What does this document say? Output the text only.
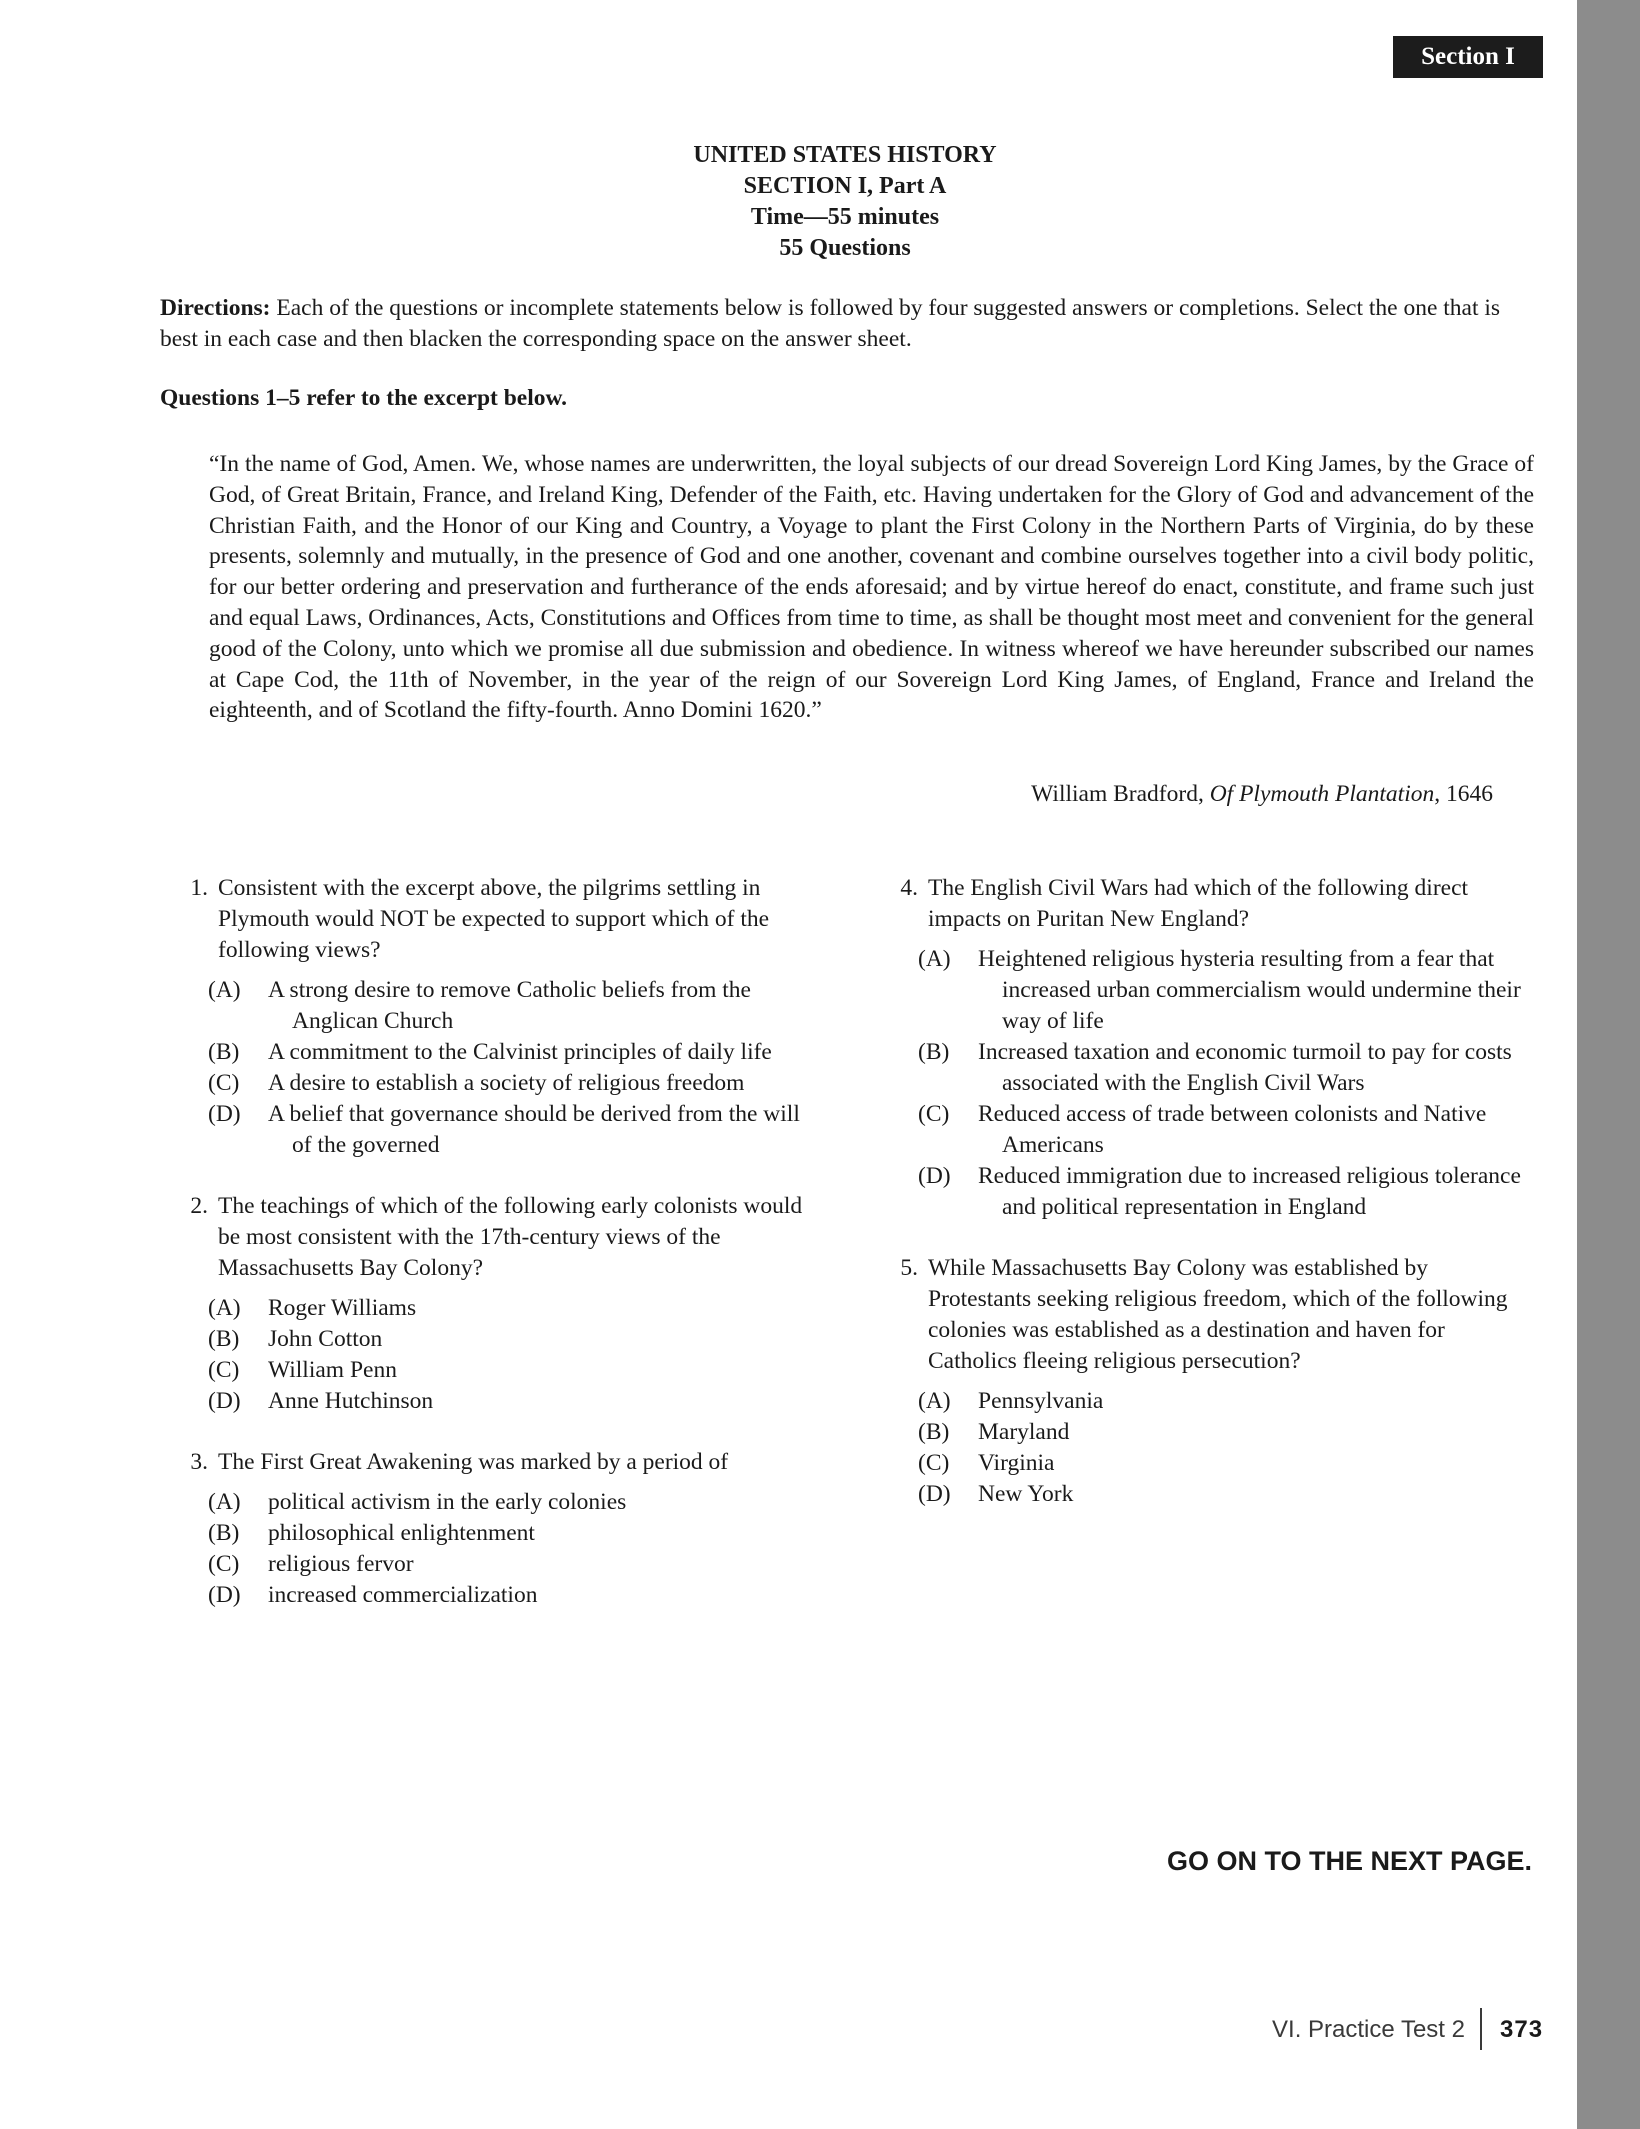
Section I
UNITED STATES HISTORY
SECTION I, Part A
Time—55 minutes
55 Questions
Directions: Each of the questions or incomplete statements below is followed by four suggested answers or completions. Select the one that is best in each case and then blacken the corresponding space on the answer sheet.
Questions 1–5 refer to the excerpt below.
“In the name of God, Amen. We, whose names are underwritten, the loyal subjects of our dread Sovereign Lord King James, by the Grace of God, of Great Britain, France, and Ireland King, Defender of the Faith, etc. Having undertaken for the Glory of God and advancement of the Christian Faith, and the Honor of our King and Country, a Voyage to plant the First Colony in the Northern Parts of Virginia, do by these presents, solemnly and mutually, in the presence of God and one another, covenant and combine ourselves together into a civil body politic, for our better ordering and preservation and furtherance of the ends aforesaid; and by virtue hereof do enact, constitute, and frame such just and equal Laws, Ordinances, Acts, Constitutions and Offices from time to time, as shall be thought most meet and convenient for the general good of the Colony, unto which we promise all due submission and obedience. In witness whereof we have hereunder subscribed our names at Cape Cod, the 11th of November, in the year of the reign of our Sovereign Lord King James, of England, France and Ireland the eighteenth, and of Scotland the fifty-fourth. Anno Domini 1620.”
William Bradford, Of Plymouth Plantation, 1646
1. Consistent with the excerpt above, the pilgrims settling in Plymouth would NOT be expected to support which of the following views?
(A)	A strong desire to remove Catholic beliefs from the Anglican Church
(B)	A commitment to the Calvinist principles of daily life
(C)	A desire to establish a society of religious freedom
(D)	A belief that governance should be derived from the will of the governed
2. The teachings of which of the following early colonists would be most consistent with the 17th-century views of the Massachusetts Bay Colony?
(A)	Roger Williams
(B)	John Cotton
(C)	William Penn
(D)	Anne Hutchinson
3. The First Great Awakening was marked by a period of
(A)	political activism in the early colonies
(B)	philosophical enlightenment
(C)	religious fervor
(D)	increased commercialization
4. The English Civil Wars had which of the following direct impacts on Puritan New England?
(A)	Heightened religious hysteria resulting from a fear that increased urban commercialism would undermine their way of life
(B)	Increased taxation and economic turmoil to pay for costs associated with the English Civil Wars
(C)	Reduced access of trade between colonists and Native Americans
(D)	Reduced immigration due to increased religious tolerance and political representation in England
5. While Massachusetts Bay Colony was established by Protestants seeking religious freedom, which of the following colonies was established as a destination and haven for Catholics fleeing religious persecution?
(A)	Pennsylvania
(B)	Maryland
(C)	Virginia
(D)	New York
GO ON TO THE NEXT PAGE.
VI. Practice Test 2 373
